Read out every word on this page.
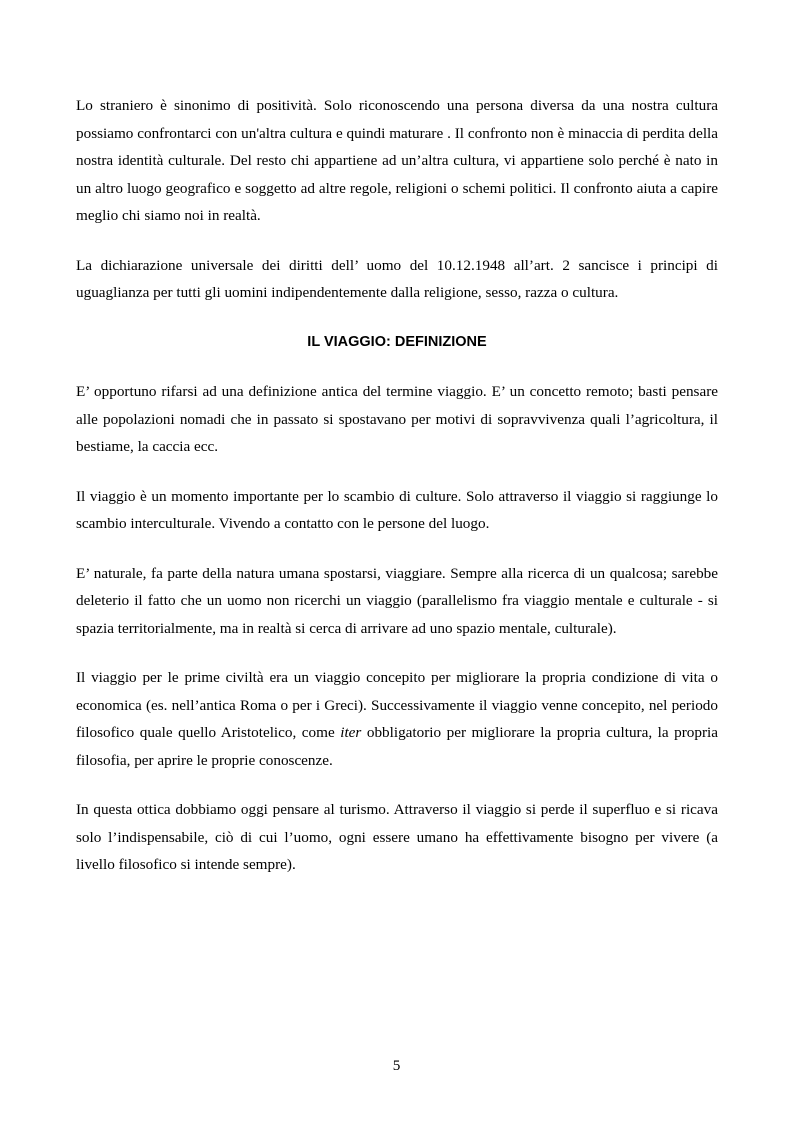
Lo straniero è sinonimo di positività. Solo riconoscendo una persona diversa da una nostra cultura possiamo confrontarci con un'altra cultura e quindi maturare . Il confronto non è minaccia di perdita della nostra identità culturale. Del resto chi appartiene ad un’altra cultura, vi appartiene solo perché è nato in un altro luogo geografico e soggetto ad altre regole, religioni o schemi politici. Il confronto aiuta a capire meglio chi siamo noi in realtà.

La dichiarazione universale dei diritti dell’ uomo del 10.12.1948 all’art. 2 sancisce i principi di uguaglianza per tutti gli uomini indipendentemente dalla religione, sesso, razza o cultura.

IL VIAGGIO: DEFINIZIONE

E’ opportuno rifarsi ad una definizione antica del termine viaggio. E’ un concetto remoto; basti pensare alle popolazioni nomadi che in passato si spostavano per motivi di sopravvivenza quali l’agricoltura, il bestiame, la caccia ecc.

Il viaggio è un momento importante per lo scambio di culture. Solo attraverso il viaggio si raggiunge lo scambio interculturale. Vivendo a contatto con le persone del luogo.

E’ naturale, fa parte della natura umana spostarsi, viaggiare. Sempre alla ricerca di un qualcosa; sarebbe deleterio il fatto che un uomo non ricerchi un viaggio (parallelismo fra viaggio mentale e culturale - si spazia territorialmente, ma in realtà si cerca di arrivare ad uno spazio mentale, culturale).

Il viaggio per le prime civiltà era un viaggio concepito per migliorare la propria condizione di vita o economica (es. nell’antica Roma o per i Greci). Successivamente il viaggio venne concepito, nel periodo filosofico quale quello Aristotelico, come iter obbligatorio per migliorare la propria cultura, la propria filosofia, per aprire le proprie conoscenze.

In questa ottica dobbiamo oggi pensare al turismo. Attraverso il viaggio si perde il superfluo e si ricava solo l’indispensabile, ciò di cui l’uomo, ogni essere umano ha effettivamente bisogno per vivere (a livello filosofico si intende sempre).

5
